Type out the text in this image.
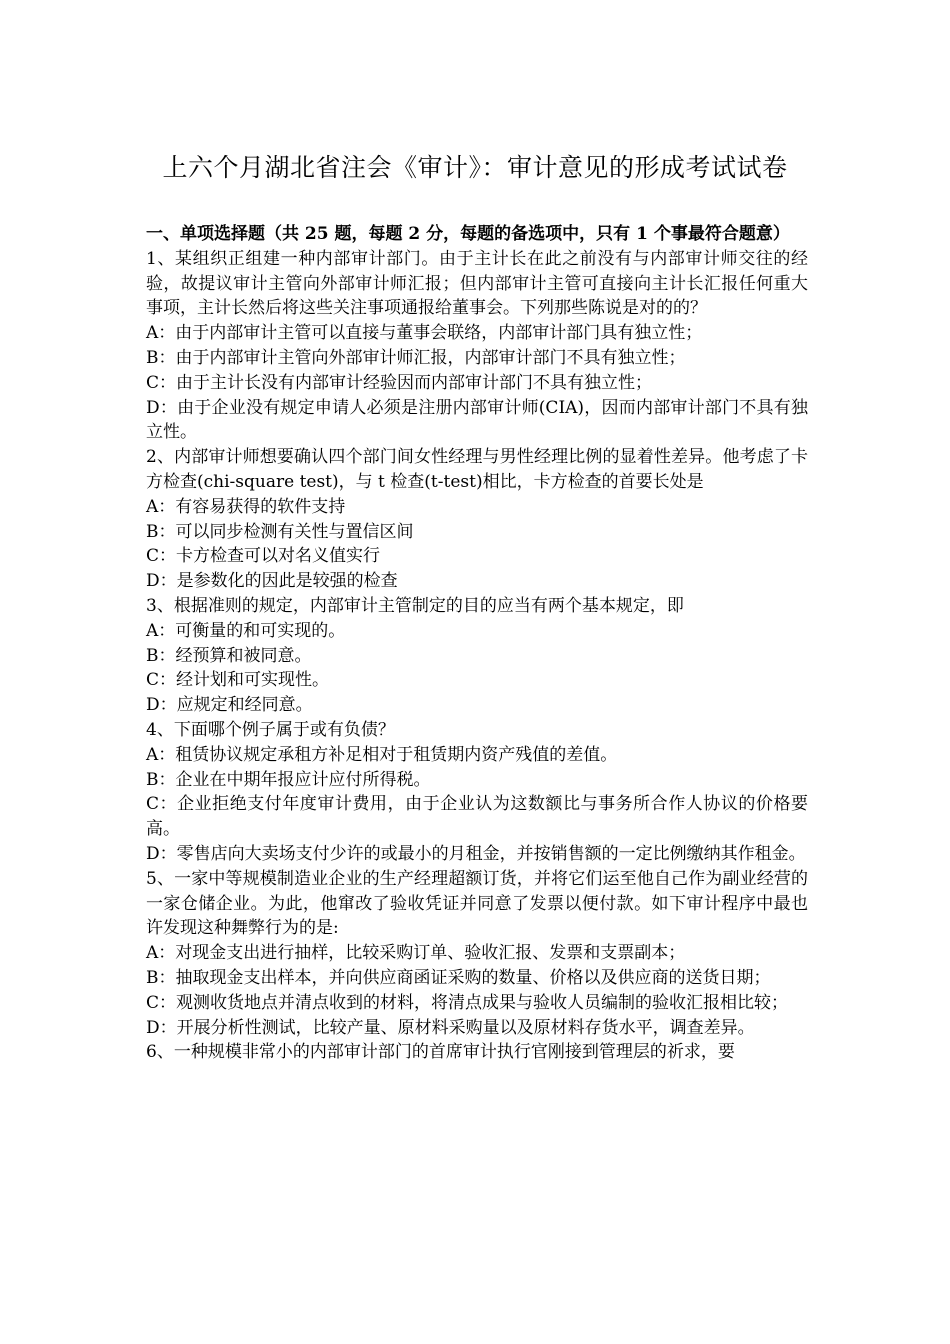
上六个月湖北省注会《审计》：审计意见的形成考试试卷

一、单项选择题（共 25 题，每题 2 分，每题的备选项中，只有 1 个事最符合题意）

1、某组织正组建一种内部审计部门。由于主计长在此之前没有与内部审计师交往的经验，故提议审计主管向外部审计师汇报；但内部审计主管可直接向主计长汇报任何重大事项，主计长然后将这些关注事项通报给董事会。下列那些陈说是对的的？

A：由于内部审计主管可以直接与董事会联络，内部审计部门具有独立性；

B：由于内部审计主管向外部审计师汇报，内部审计部门不具有独立性；

C：由于主计长没有内部审计经验因而内部审计部门不具有独立性；

D：由于企业没有规定申请人必须是注册内部审计师(CIA)，因而内部审计部门不具有独立性。

2、内部审计师想要确认四个部门间女性经理与男性经理比例的显着性差异。他考虑了卡方检查(chi-square test)，与 t 检查(t-test)相比，卡方检查的首要长处是

A：有容易获得的软件支持

B：可以同步检测有关性与置信区间

C：卡方检查可以对名义值实行

D：是参数化的因此是较强的检查

3、根据准则的规定，内部审计主管制定的目的应当有两个基本规定，即

A：可衡量的和可实现的。

B：经预算和被同意。

C：经计划和可实现性。

D：应规定和经同意。

4、下面哪个例子属于或有负债？

A：租赁协议规定承租方补足相对于租赁期内资产残值的差值。

B：企业在中期年报应计应付所得税。

C：企业拒绝支付年度审计费用，由于企业认为这数额比与事务所合作人协议的价格要高。

D：零售店向大卖场支付少许的或最小的月租金，并按销售额的一定比例缴纳其作租金。

5、一家中等规模制造业企业的生产经理超额订货，并将它们运至他自己作为副业经营的一家仓储企业。为此，他窜改了验收凭证并同意了发票以便付款。如下审计程序中最也许发现这种舞弊行为的是:

A：对现金支出进行抽样，比较采购订单、验收汇报、发票和支票副本；

B：抽取现金支出样本，并向供应商函证采购的数量、价格以及供应商的送货日期；

C：观测收货地点并清点收到的材料，将清点成果与验收人员编制的验收汇报相比较；

D：开展分析性测试，比较产量、原材料采购量以及原材料存货水平，调查差异。

6、一种规模非常小的内部审计部门的首席审计执行官刚接到管理层的祈求，要
